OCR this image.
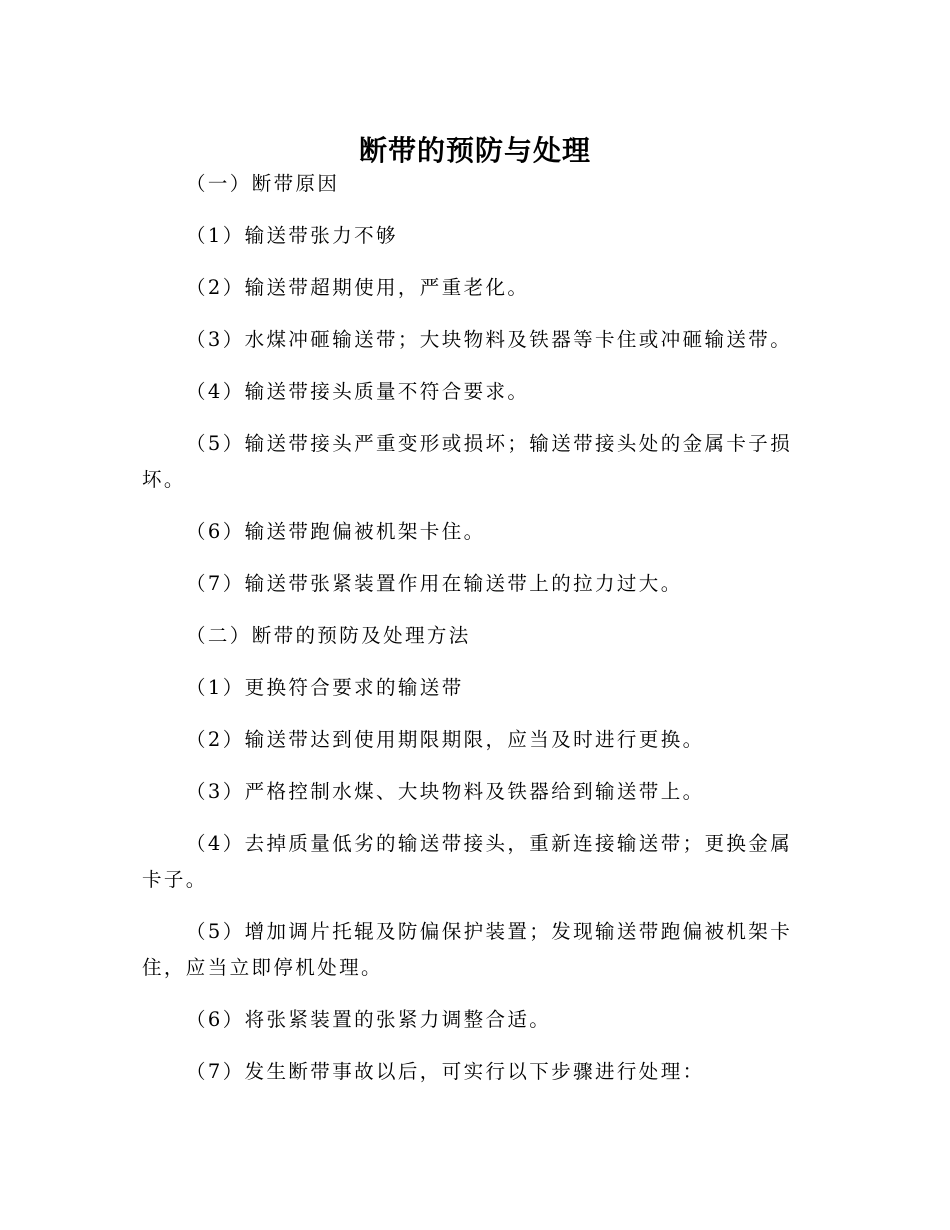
断带的预防与处理

（一）断带原因

（1）输送带张力不够

（2）输送带超期使用，严重老化。

（3）水煤冲砸输送带；大块物料及铁器等卡住或冲砸输送带。

（4）输送带接头质量不符合要求。

（5）输送带接头严重变形或损坏；输送带接头处的金属卡子损坏。

（6）输送带跑偏被机架卡住。

（7）输送带张紧装置作用在输送带上的拉力过大。

（二）断带的预防及处理方法

（1）更换符合要求的输送带

（2）输送带达到使用期限期限，应当及时进行更换。

（3）严格控制水煤、大块物料及铁器给到输送带上。

（4）去掉质量低劣的输送带接头，重新连接输送带；更换金属卡子。

（5）增加调片托辊及防偏保护装置；发现输送带跑偏被机架卡住，应当立即停机处理。

（6）将张紧装置的张紧力调整合适。

（7）发生断带事故以后，可实行以下步骤进行处理：
